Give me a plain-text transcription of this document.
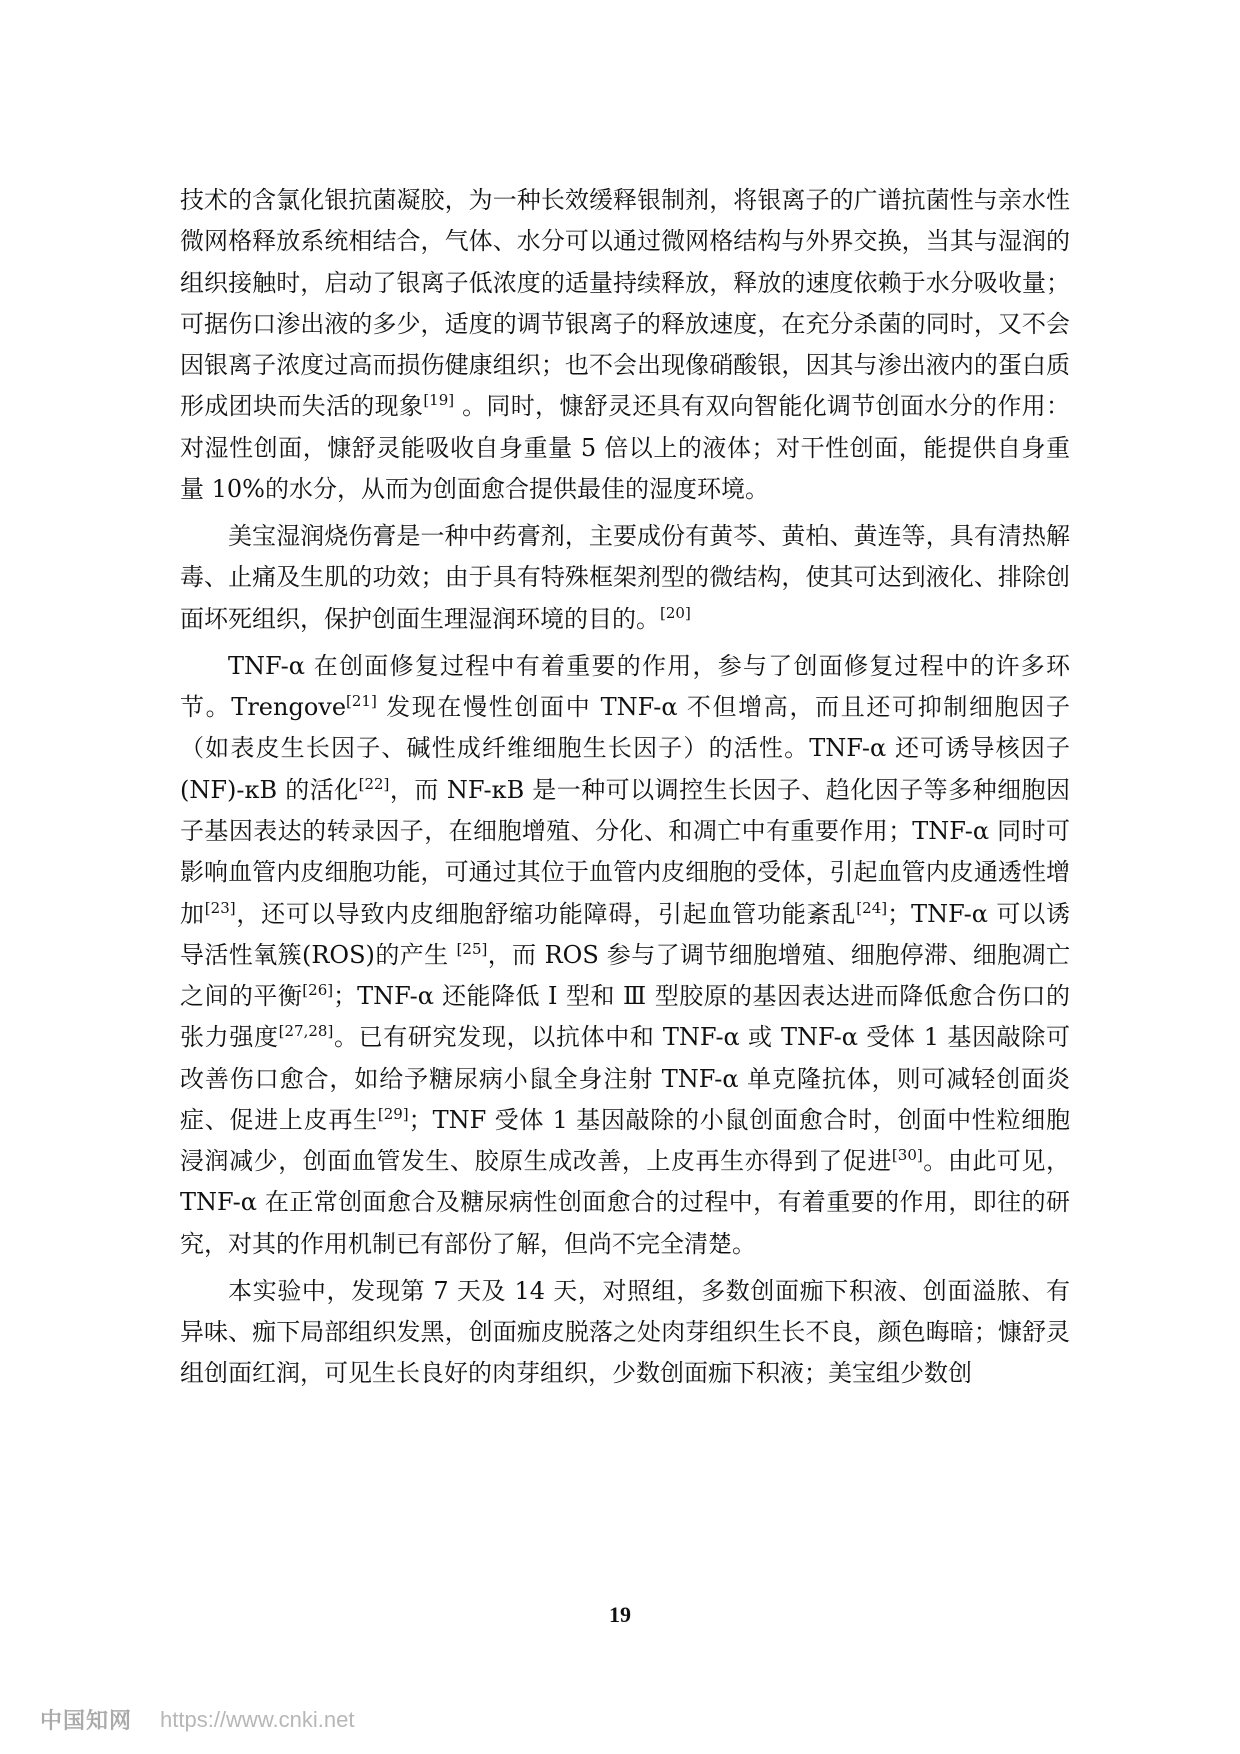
技术的含氯化银抗菌凝胶，为一种长效缓释银制剂，将银离子的广谱抗菌性与亲水性微网格释放系统相结合，气体、水分可以通过微网格结构与外界交换，当其与湿润的组织接触时，启动了银离子低浓度的适量持续释放，释放的速度依赖于水分吸收量；可据伤口渗出液的多少，适度的调节银离子的释放速度，在充分杀菌的同时，又不会因银离子浓度过高而损伤健康组织；也不会出现像硝酸银，因其与渗出液内的蛋白质形成团块而失活的现象[19] 。同时，慷舒灵还具有双向智能化调节创面水分的作用：对湿性创面，慷舒灵能吸收自身重量 5 倍以上的液体；对干性创面，能提供自身重量 10%的水分，从而为创面愈合提供最佳的湿度环境。

美宝湿润烧伤膏是一种中药膏剂，主要成份有黄芩、黄柏、黄连等，具有清热解毒、止痛及生肌的功效；由于具有特殊框架剂型的微结构，使其可达到液化、排除创面坏死组织，保护创面生理湿润环境的目的。[20]

TNF-α 在创面修复过程中有着重要的作用，参与了创面修复过程中的许多环节。Trengove[21] 发现在慢性创面中 TNF-α 不但增高，而且还可抑制细胞因子（如表皮生长因子、碱性成纤维细胞生长因子）的活性。TNF-α 还可诱导核因子(NF)-κB 的活化[22]，而 NF-κB 是一种可以调控生长因子、趋化因子等多种细胞因子基因表达的转录因子，在细胞增殖、分化、和凋亡中有重要作用；TNF-α 同时可影响血管内皮细胞功能，可通过其位于血管内皮细胞的受体，引起血管内皮通透性增加[23]，还可以导致内皮细胞舒缩功能障碍，引起血管功能紊乱[24]；TNF-α 可以诱导活性氧簇(ROS)的产生 [25]，而 ROS 参与了调节细胞增殖、细胞停滞、细胞凋亡之间的平衡[26]；TNF-α 还能降低 Ⅰ 型和 Ⅲ 型胶原的基因表达进而降低愈合伤口的张力强度[27,28]。已有研究发现，以抗体中和 TNF-α 或 TNF-α 受体 1 基因敲除可改善伤口愈合，如给予糖尿病小鼠全身注射 TNF-α 单克隆抗体，则可减轻创面炎症、促进上皮再生[29]；TNF 受体 1 基因敲除的小鼠创面愈合时，创面中性粒细胞浸润减少，创面血管发生、胶原生成改善，上皮再生亦得到了促进[30]。由此可见，TNF-α 在正常创面愈合及糖尿病性创面愈合的过程中，有着重要的作用，即往的研究，对其的作用机制已有部份了解，但尚不完全清楚。

本实验中，发现第 7 天及 14 天，对照组，多数创面痂下积液、创面溢脓、有异味、痂下局部组织发黑，创面痂皮脱落之处肉芽组织生长不良，颜色晦暗；慷舒灵组创面红润，可见生长良好的肉芽组织，少数创面痂下积液；美宝组少数创

19
中国知网 https://www.cnki.net
